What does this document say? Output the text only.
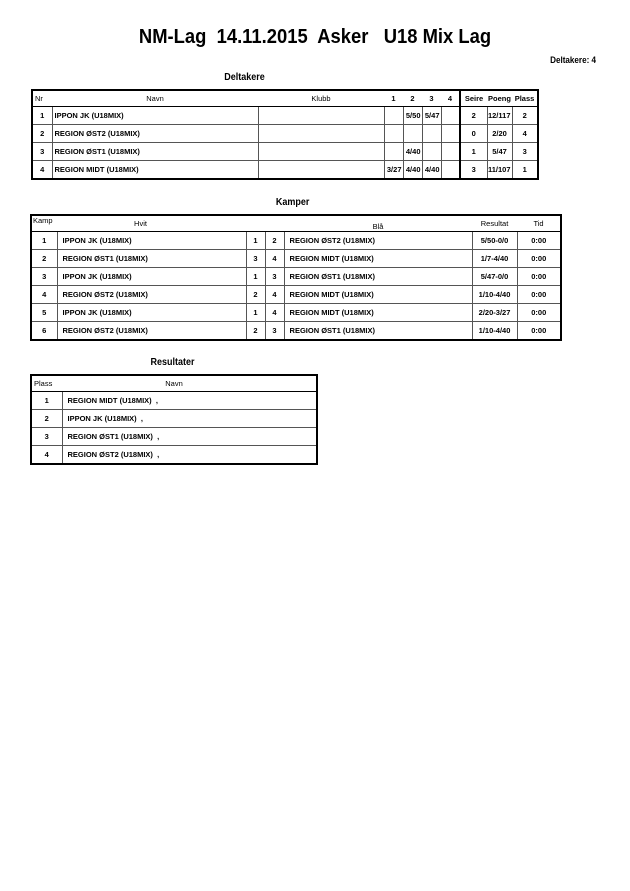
NM-Lag  14.11.2015  Asker   U18 Mix Lag
Deltakere: 4
Deltakere
Nr	Navn	Klubb	1	2	3	4	Seire	Poeng	Plass
1	IPPON JK (U18MIX)			5/50	5/47		2	12/117	2
2	REGION ØST2 (U18MIX)						0	2/20	4
3	REGION ØST1 (U18MIX)			4/40			1	5/47	3
4	REGION MIDT (U18MIX)		3/27	4/40	4/40		3	11/107	1
Kamper
Kamp	Hvit			Blå	Resultat	Tid
1	IPPON JK (U18MIX)	1	2	REGION ØST2 (U18MIX)	5/50-0/0	0:00
2	REGION ØST1 (U18MIX)	3	4	REGION MIDT (U18MIX)	1/7-4/40	0:00
3	IPPON JK (U18MIX)	1	3	REGION ØST1 (U18MIX)	5/47-0/0	0:00
4	REGION ØST2 (U18MIX)	2	4	REGION MIDT (U18MIX)	1/10-4/40	0:00
5	IPPON JK (U18MIX)	1	4	REGION MIDT (U18MIX)	2/20-3/27	0:00
6	REGION ØST2 (U18MIX)	2	3	REGION ØST1 (U18MIX)	1/10-4/40	0:00
Resultater
Plass	Navn
1	REGION MIDT (U18MIX)  ,
2	IPPON JK (U18MIX)  ,
3	REGION ØST1 (U18MIX)  ,
4	REGION ØST2 (U18MIX)  ,
